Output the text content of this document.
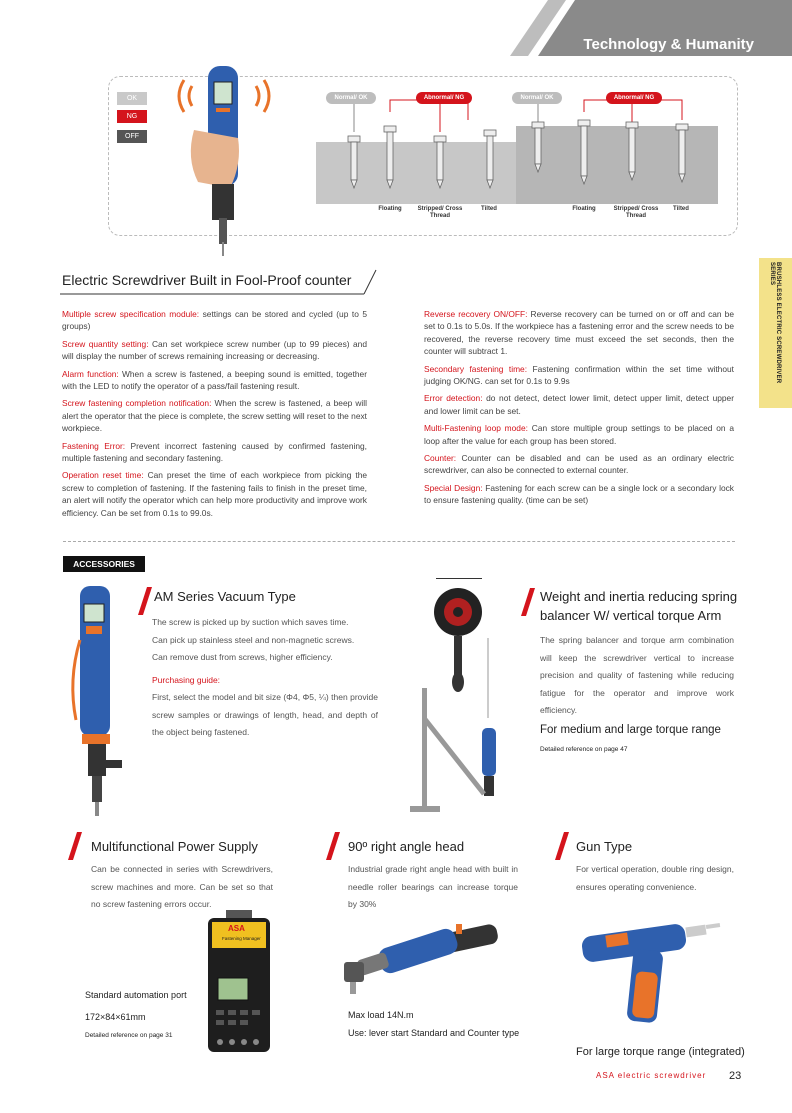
Technology & Humanity
OK
NG
OFF
Normal/ OK	Abnormal/ NG	Normal/ OK	Abnormal/ NG
Floating	Stripped/ Cross Thread
Tilted	Floating	Stripped/ Cross Thread
Tilted
BRUSHLESS ELECTRIC SCREWDRIVER SERIES
Electric Screwdriver Built in Fool-Proof counter
Multiple screw specification module: settings can be stored and cycled (up to 5 groups)
Screw quantity setting: Can set workpiece screw number (up to 99 pieces) and will display the number of screws remaining increasing or decreasing.
Alarm function: When a screw is fastened, a beeping sound is emitted, together with the LED to notify the operator of a pass/fail fastening result.
Screw fastening completion notification: When the screw is fastened, a beep will alert the operator that the piece is complete, the screw setting will reset to the next workpiece.
Fastening Error: Prevent incorrect fastening caused by confirmed fastening, multiple fastening and secondary fastening.
Operation reset time: Can preset the time of each workpiece from picking the screw to completion of fastening. If the fastening fails to finish in the preset time, an alert will notify the operator which can help more productivity and improve work efficiency. Can be set from 0.1s to 99.0s.
Reverse recovery ON/OFF: Reverse recovery can be turned on or off and can be set to 0.1s to 5.0s. If the workpiece has a fastening error and the screw needs to be recovered, the reverse recovery time must exceed the set seconds, then the counter will subtract 1.
Secondary fastening time: Fastening confirmation within the set time without judging OK/NG. can set for 0.1s to 9.9s
Error detection: do not detect, detect lower limit, detect upper limit, detect upper and lower limit can be set.
Multi-Fastening loop mode: Can store multiple group settings to be placed on a loop after the value for each group has been stored.
Counter: Counter can be disabled and can be used as an ordinary electric screwdriver, can also be connected to external counter.
Special Design: Fastening for each screw can be a single lock or a secondary lock to ensure fastening quality. (time can be set)
ACCESSORIES
AM Series Vacuum Type
The screw is picked up by suction which saves time.
Can pick up stainless steel and non-magnetic screws.
Can remove dust from screws, higher efficiency.
Purchasing guide:
First, select the model and bit size (Φ4, Φ5, ¼) then provide screw samples or drawings of length, head, and depth of the object being fastened.
Weight and inertia reducing spring
balancer W/ vertical torque Arm
The spring balancer and torque arm combination will keep the screwdriver vertical to increase precision and quality of fastening while reducing fatigue for the operator and improve work efficiency.
For medium and large torque range
Detailed reference on page 47
Multifunctional Power Supply
Can be connected in series with Screwdrivers, screw machines and more. Can be set so that no screw fastening errors occur.
ASA
Fastening Manager
Standard automation port
172×84×61mm
Detailed reference on page 31
90º right angle head
Industrial grade right angle head with built in needle roller bearings can increase torque by 30%
Max load 14N.m
Use: lever start Standard and Counter type
Gun Type
For vertical operation, double ring design, ensures operating convenience.
For large torque range (integrated)
ASA electric screwdriver 23
